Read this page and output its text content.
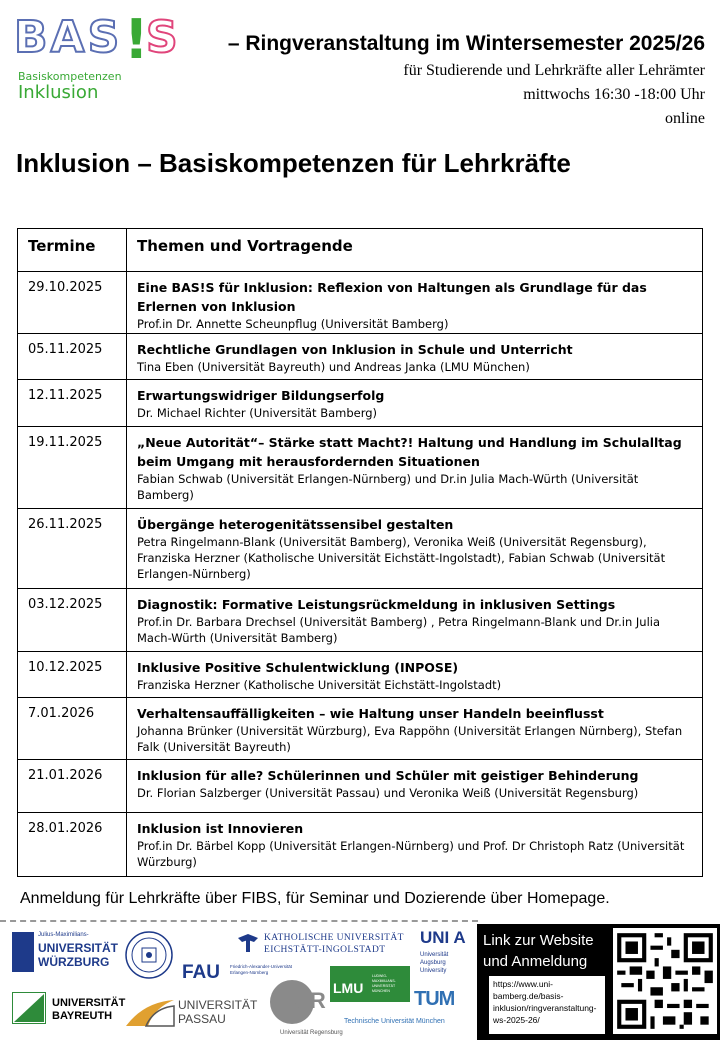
BAS !
S
Basiskompetenzen
Inklusion
– Ringveranstaltung im Wintersemester 2025/26
für Studierende und Lehrkräfte aller Lehrämter
mittwochs 16:30 -18:00 Uhr
online
Inklusion – Basiskompetenzen für Lehrkräfte
Termine	Themen und Vortragende
29.10.2025	Eine BAS!S für Inklusion: Reflexion von Haltungen als Grundlage für das Erlernen von Inklusion
Prof.in Dr. Annette Scheunpflug (Universität Bamberg)

05.11.2025	Rechtliche Grundlagen von Inklusion in Schule und Unterricht
Tina Eben (Universität Bayreuth) und Andreas Janka (LMU München)

12.11.2025	Erwartungswidriger Bildungserfolg
Dr. Michael Richter (Universität Bamberg)

19.11.2025	„Neue Autorität“– Stärke statt Macht?! Haltung und Handlung im Schulalltag beim Umgang mit herausfordernden Situationen
Fabian Schwab (Universität Erlangen-Nürnberg) und Dr.in Julia Mach-Würth (Universität Bamberg)

26.11.2025	Übergänge heterogenitätssensibel gestalten
Petra Ringelmann-Blank (Universität Bamberg), Veronika Weiß (Universität Regensburg), Franziska Herzner (Katholische Universität Eichstätt-Ingolstadt), Fabian Schwab (Universität Erlangen-Nürnberg)

03.12.2025	Diagnostik: Formative Leistungsrückmeldung in inklusiven Settings
Prof.in Dr. Barbara Drechsel (Universität Bamberg) , Petra Ringelmann-Blank und Dr.in Julia Mach-Würth (Universität Bamberg)

10.12.2025	Inklusive Positive Schulentwicklung (INPOSE)
Franziska Herzner (Katholische Universität Eichstätt-Ingolstadt)

7.01.2026	Verhaltensauffälligkeiten – wie Haltung unser Handeln beeinflusst
Johanna Brünker (Universität Würzburg), Eva Rappöhn (Universität Erlangen Nürnberg), Stefan Falk (Universität Bayreuth)

21.01.2026	Inklusion für alle? Schülerinnen und Schüler mit geistiger Behinderung
Dr. Florian Salzberger (Universität Passau) und Veronika Weiß (Universität Regensburg)

28.01.2026	Inklusion ist Innovieren
Prof.in Dr. Bärbel Kopp (Universität Erlangen-Nürnberg) und Prof. Dr Christoph Ratz (Universität Würzburg)
Anmeldung für Lehrkräfte über FIBS, für Seminar und Dozierende über Homepage.
Julius-Maximilians-
UNIVERSITÄT
WÜRZBURG
KATHOLISCHE UNIVERSITÄT
EICHSTÄTT-INGOLSTADT
FAU Friedrich-Alexander-Universität Erlangen-Nürnberg
UNI A
Universität
Augsburg
University
LMU
LUDWIG-MAXIMILIANS-UNIVERSITÄT MÜNCHEN
UNIVERSITÄT
BAYREUTH
UNIVERSITÄT
PASSAU
UR
Universität Regensburg
TUM
Technische Universität München
Link zur Website und Anmeldung
https://www.uni-bamberg.de/basis-inklusion/ringveranstaltung-ws-2025-26/
